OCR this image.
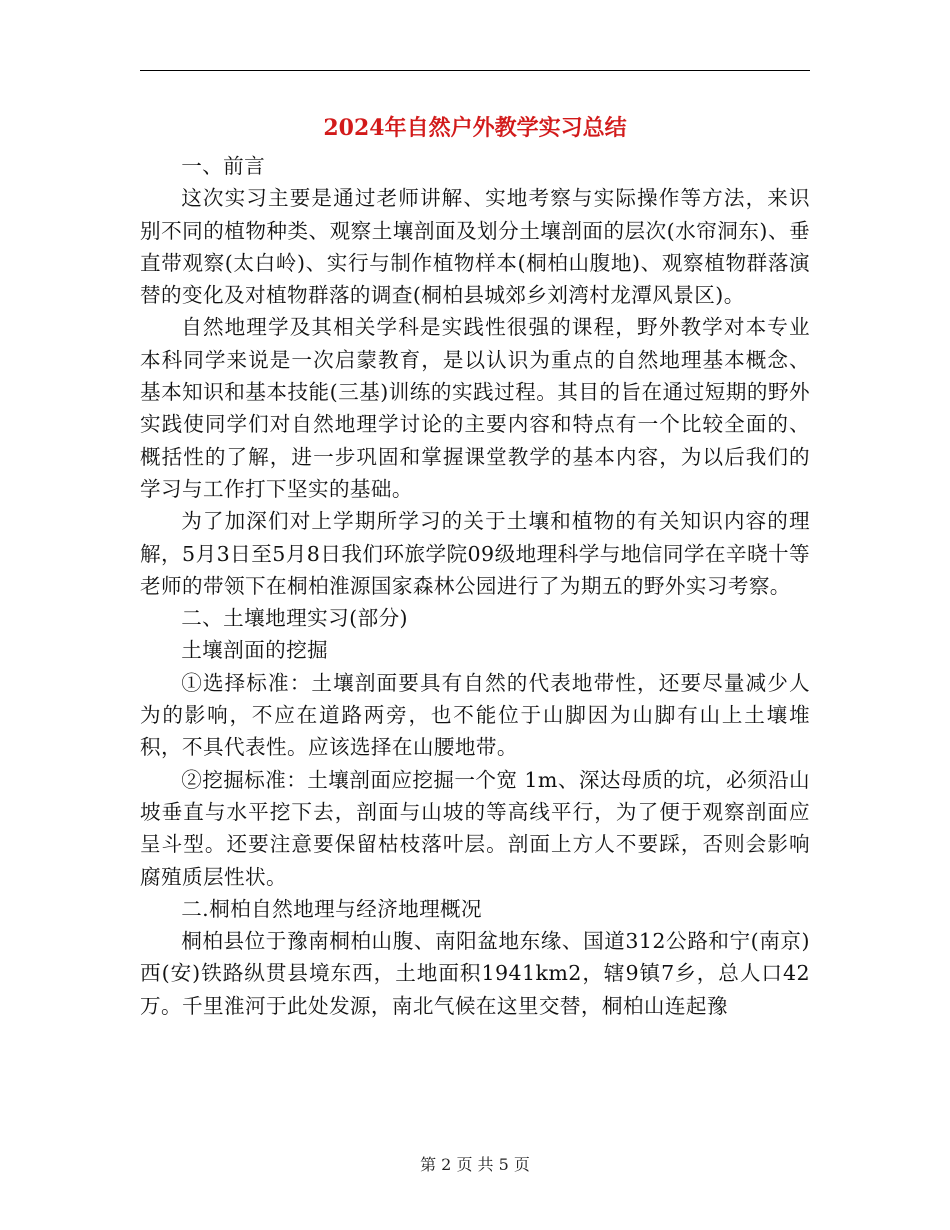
2024年自然户外教学实习总结

一、前言

这次实习主要是通过老师讲解、实地考察与实际操作等方法，来识别不同的植物种类、观察土壤剖面及划分土壤剖面的层次(水帘洞东)、垂直带观察(太白岭)、实行与制作植物样本(桐柏山腹地)、观察植物群落演替的变化及对植物群落的调查(桐柏县城郊乡刘湾村龙潭风景区)。

自然地理学及其相关学科是实践性很强的课程，野外教学对本专业本科同学来说是一次启蒙教育，是以认识为重点的自然地理基本概念、基本知识和基本技能(三基)训练的实践过程。其目的旨在通过短期的野外实践使同学们对自然地理学讨论的主要内容和特点有一个比较全面的、概括性的了解，进一步巩固和掌握课堂教学的基本内容，为以后我们的学习与工作打下坚实的基础。

为了加深们对上学期所学习的关于土壤和植物的有关知识内容的理解，5月3日至5月8日我们环旅学院09级地理科学与地信同学在辛晓十等老师的带领下在桐柏淮源国家森林公园进行了为期五的野外实习考察。

二、土壤地理实习(部分)

土壤剖面的挖掘

①选择标准：土壤剖面要具有自然的代表地带性，还要尽量减少人为的影响，不应在道路两旁，也不能位于山脚因为山脚有山上土壤堆积，不具代表性。应该选择在山腰地带。

②挖掘标准：土壤剖面应挖掘一个宽 1m、深达母质的坑，必须沿山坡垂直与水平挖下去，剖面与山坡的等高线平行，为了便于观察剖面应呈斗型。还要注意要保留枯枝落叶层。剖面上方人不要踩，否则会影响腐殖质层性状。

二.桐柏自然地理与经济地理概况

桐柏县位于豫南桐柏山腹、南阳盆地东缘、国道312公路和宁(南京)西(安)铁路纵贯县境东西，土地面积1941km2，辖9镇7乡，总人口42万。千里淮河于此处发源，南北气候在这里交替，桐柏山连起豫

第 2 页 共 5 页
